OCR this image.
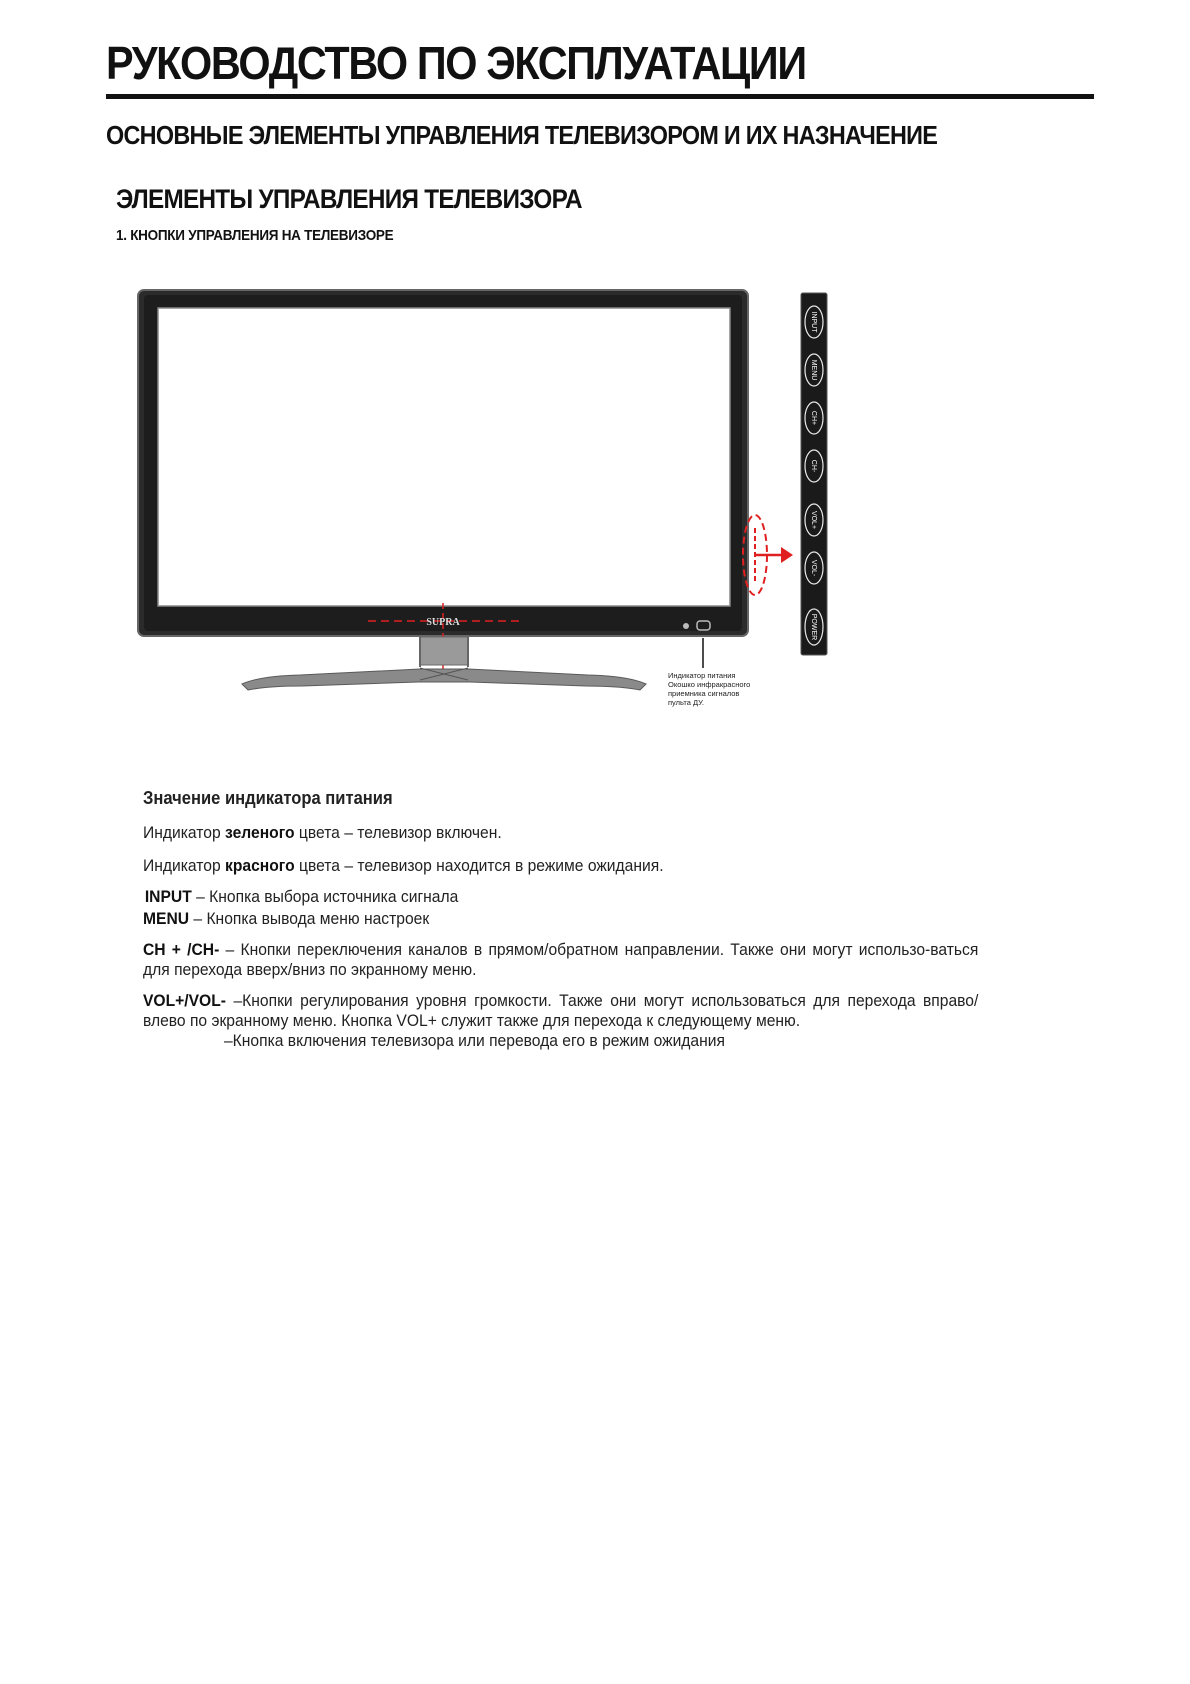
РУКОВОДСТВО ПО ЭКСПЛУАТАЦИИ
ОСНОВНЫЕ ЭЛЕМЕНТЫ УПРАВЛЕНИЯ ТЕЛЕВИЗОРОМ И ИХ НАЗНАЧЕНИЕ
ЭЛЕМЕНТЫ УПРАВЛЕНИЯ ТЕЛЕВИЗОРА
1. КНОПКИ УПРАВЛЕНИЯ НА ТЕЛЕВИЗОРЕ
SUPRA
INPUT
MENU
CH+
CH-
VOL+
VOL-
POWER
Индикатор питания
Окошко инфракрасного
приемника сигналов
пульта ДУ.

Значение индикатора питания

Индикатор зеленого цвета – телевизор включен.

Индикатор красного цвета – телевизор находится в режиме ожидания.

INPUT – Кнопка выбора источника сигнала

MENU – Кнопка вывода меню настроек

CH + /CH- – Кнопки переключения каналов в прямом/обратном направлении. Также они могут использо-ваться для перехода вверх/вниз по экранному меню.

VOL+/VOL- –Кнопки регулирования уровня громкости. Также они могут использоваться для перехода вправо/влево по экранному меню. Кнопка VOL+ служит также для перехода к следующему меню.

–Кнопка включения телевизора или перевода его в режим ожидания
